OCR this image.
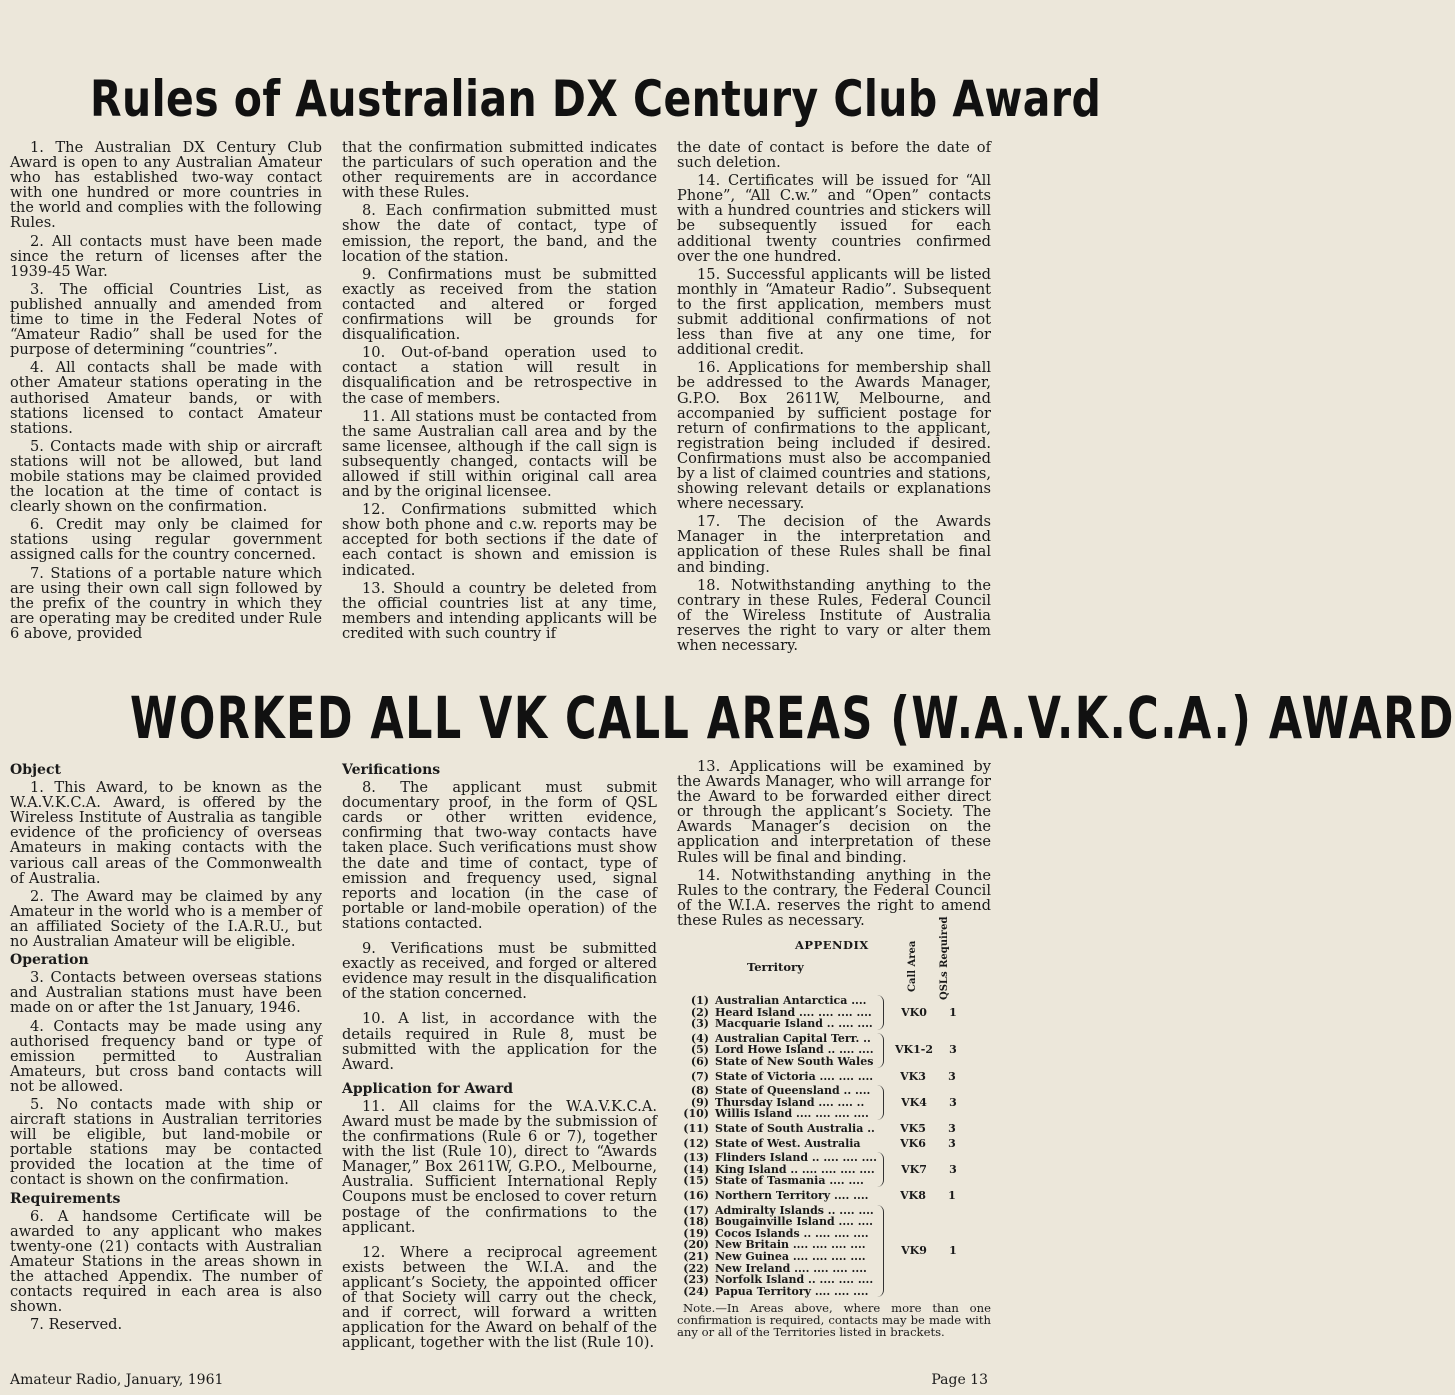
Rules of Australian DX Century Club Award

1. The Australian DX Century Club Award is open to any Australian Amateur who has established two-way contact with one hundred or more countries in the world and complies with the following Rules.

2. All contacts must have been made since the return of licenses after the 1939-45 War.

3. The official Countries List, as published annually and amended from time to time in the Federal Notes of “Amateur Radio” shall be used for the purpose of determining “countries”.

4. All contacts shall be made with other Amateur stations operating in the authorised Amateur bands, or with stations licensed to contact Amateur stations.

5. Contacts made with ship or aircraft stations will not be allowed, but land mobile stations may be claimed provided the location at the time of contact is clearly shown on the confirmation.

6. Credit may only be claimed for stations using regular government assigned calls for the country concerned.

7. Stations of a portable nature which are using their own call sign followed by the prefix of the country in which they are operating may be credited under Rule 6 above, provided

that the confirmation submitted indicates the particulars of such operation and the other requirements are in accordance with these Rules.

8. Each confirmation submitted must show the date of contact, type of emission, the report, the band, and the location of the station.

9. Confirmations must be submitted exactly as received from the station contacted and altered or forged confirmations will be grounds for disqualification.

10. Out-of-band operation used to contact a station will result in disqualification and be retrospective in the case of members.

11. All stations must be contacted from the same Australian call area and by the same licensee, although if the call sign is subsequently changed, contacts will be allowed if still within original call area and by the original licensee.

12. Confirmations submitted which show both phone and c.w. reports may be accepted for both sections if the date of each contact is shown and emission is indicated.

13. Should a country be deleted from the official countries list at any time, members and intending applicants will be credited with such country if

the date of contact is before the date of such deletion.

14. Certificates will be issued for “All Phone”, “All C.w.” and “Open” contacts with a hundred countries and stickers will be subsequently issued for each additional twenty countries confirmed over the one hundred.

15. Successful applicants will be listed monthly in “Amateur Radio”. Subsequent to the first application, members must submit additional confirmations of not less than five at any one time, for additional credit.

16. Applications for membership shall be addressed to the Awards Manager, G.P.O. Box 2611W, Melbourne, and accompanied by sufficient postage for return of confirmations to the applicant, registration being included if desired. Confirmations must also be accompanied by a list of claimed countries and stations, showing relevant details or explanations where necessary.

17. The decision of the Awards Manager in the interpretation and application of these Rules shall be final and binding.

18. Notwithstanding anything to the contrary in these Rules, Federal Council of the Wireless Institute of Australia reserves the right to vary or alter them when necessary.

WORKED ALL VK CALL AREAS (W.A.V.K.C.A.) AWARD
Object

1. This Award, to be known as the W.A.V.K.C.A. Award, is offered by the Wireless Institute of Australia as tangible evidence of the proficiency of overseas Amateurs in making contacts with the various call areas of the Commonwealth of Australia.

2. The Award may be claimed by any Amateur in the world who is a member of an affiliated Society of the I.A.R.U., but no Australian Amateur will be eligible.

Operation

3. Contacts between overseas stations and Australian stations must have been made on or after the 1st January, 1946.

4. Contacts may be made using any authorised frequency band or type of emission permitted to Australian Amateurs, but cross band contacts will not be allowed.

5. No contacts made with ship or aircraft stations in Australian territories will be eligible, but land-mobile or portable stations may be contacted provided the location at the time of contact is shown on the confirmation.

Requirements

6. A handsome Certificate will be awarded to any applicant who makes twenty-one (21) contacts with Australian Amateur Stations in the areas shown in the attached Appendix. The number of contacts required in each area is also shown.

7. Reserved.

Verifications

8. The applicant must submit documentary proof, in the form of QSL cards or other written evidence, confirming that two-way contacts have taken place. Such verifications must show the date and time of contact, type of emission and frequency used, signal reports and location (in the case of portable or land-mobile operation) of the stations contacted.

9. Verifications must be submitted exactly as received, and forged or altered evidence may result in the disqualification of the station concerned.

10. A list, in accordance with the details required in Rule 8, must be submitted with the application for the Award.

Application for Award

11. All claims for the W.A.V.K.C.A. Award must be made by the submission of the confirmations (Rule 6 or 7), together with the list (Rule 10), direct to “Awards Manager,” Box 2611W, G.P.O., Melbourne, Australia. Sufficient International Reply Coupons must be enclosed to cover return postage of the confirmations to the applicant.

12. Where a reciprocal agreement exists between the W.I.A. and the applicant’s Society, the appointed officer of that Society will carry out the check, and if correct, will forward a written application for the Award on behalf of the applicant, together with the list (Rule 10).

13. Applications will be examined by the Awards Manager, who will arrange for the Award to be forwarded either direct or through the applicant’s Society. The Awards Manager’s decision on the application and interpretation of these Rules will be final and binding.

14. Notwithstanding anything in the Rules to the contrary, the Federal Council of the W.I.A. reserves the right to amend these Rules as necessary.

APPENDIX
Territory	Call Area QSLs Required
(1) Australian Antarctica ....
(2) Heard Island .... .... .... ....
(3) Macquarie Island .. .... ....
VK0	1
(4) Australian Capital Terr. ..
(5) Lord Howe Island .. .... ....
(6) State of New South Wales
VK1-2	3
(7) State of Victoria .... .... ....	VK3	3
(8) State of Queensland .. ....
(9) Thursday Island .... .... ..
(10) Willis Island .... .... .... ....
VK4	3
(11) State of South Australia ..	VK5	3
(12) State of West. Australia	VK6	3
(13) Flinders Island .. .... .... ....
(14) King Island .. .... .... .... ....
(15) State of Tasmania .... ....
VK7	3
(16) Northern Territory .... ....	VK8	1
(17) Admiralty Islands .. .... ....
(18) Bougainville Island .... ....
(19) Cocos Islands .. .... .... ....
(20) New Britain .... .... .... ....
(21) New Guinea .... .... .... ....
(22) New Ireland .... .... .... ....
(23) Norfolk Island .. .... .... ....
(24) Papua Territory .... .... ....
VK9	1
Note.—In Areas above, where more than one confirmation is required, contacts may be made with any or all of the Territories listed in brackets.
Amateur Radio, January, 1961	Page 13
